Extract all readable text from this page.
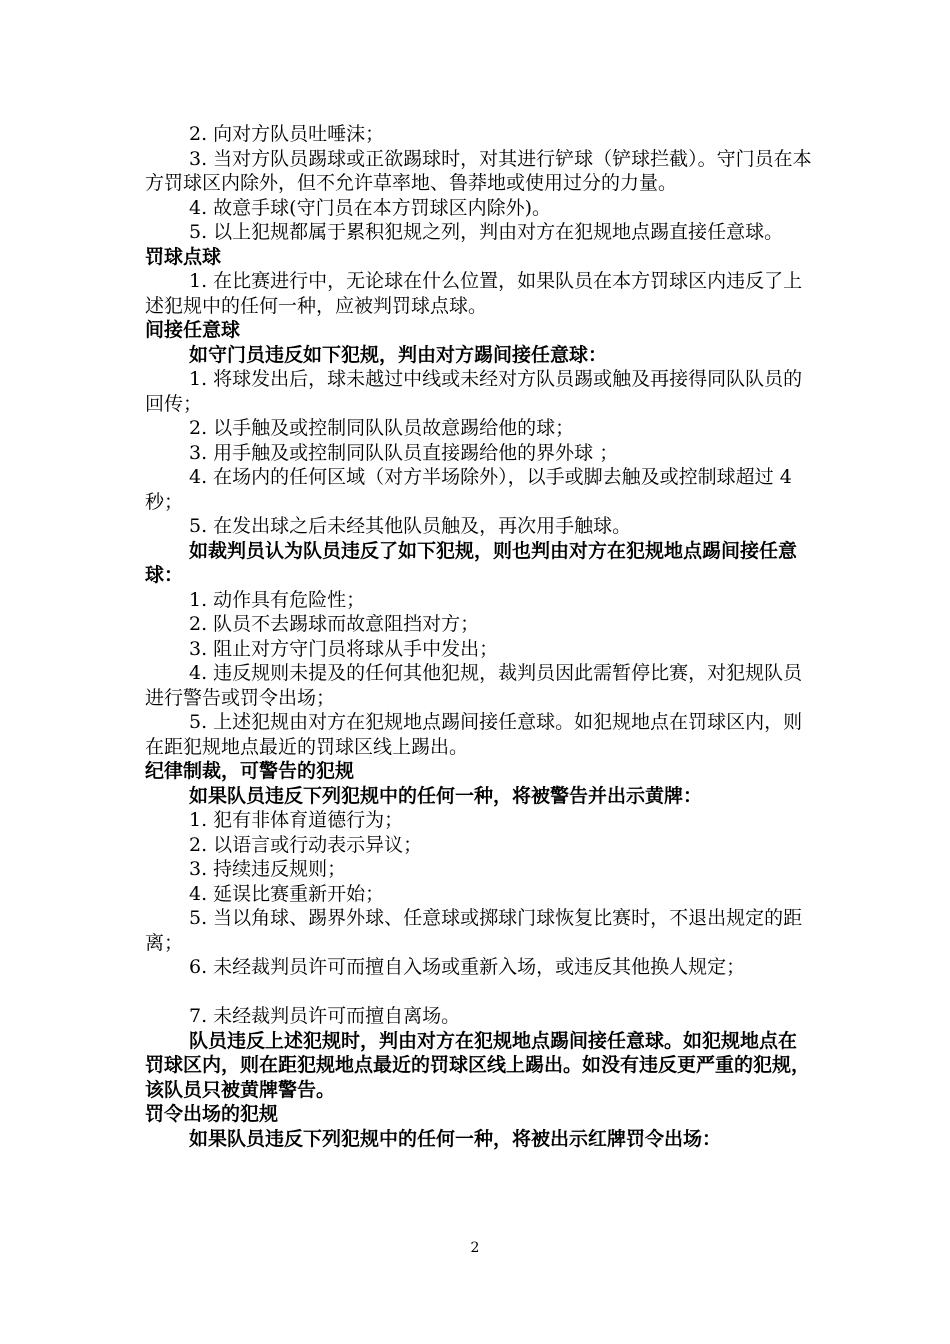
2. 向对方队员吐唾沫；

3. 当对方队员踢球或正欲踢球时，对其进行铲球（铲球拦截）。守门员在本方罚球区内除外，但不允许草率地、鲁莽地或使用过分的力量。

4. 故意手球(守门员在本方罚球区内除外)。

5. 以上犯规都属于累积犯规之列，判由对方在犯规地点踢直接任意球。

罚球点球

1. 在比赛进行中，无论球在什么位置，如果队员在本方罚球区内违反了上述犯规中的任何一种，应被判罚球点球。

间接任意球

如守门员违反如下犯规，判由对方踢间接任意球：

1. 将球发出后，球未越过中线或未经对方队员踢或触及再接得同队队员的回传；

2. 以手触及或控制同队队员故意踢给他的球；

3. 用手触及或控制同队队员直接踢给他的界外球 ；

4. 在场内的任何区域（对方半场除外），以手或脚去触及或控制球超过 4 秒；

5. 在发出球之后未经其他队员触及，再次用手触球。

如裁判员认为队员违反了如下犯规，则也判由对方在犯规地点踢间接任意球：

1. 动作具有危险性；

2. 队员不去踢球而故意阻挡对方；

3. 阻止对方守门员将球从手中发出；

4. 违反规则未提及的任何其他犯规，裁判员因此需暂停比赛，对犯规队员进行警告或罚令出场；

5. 上述犯规由对方在犯规地点踢间接任意球。如犯规地点在罚球区内，则在距犯规地点最近的罚球区线上踢出。

纪律制裁，可警告的犯规

如果队员违反下列犯规中的任何一种，将被警告并出示黄牌：

1. 犯有非体育道德行为；

2. 以语言或行动表示异议；

3. 持续违反规则；

4. 延误比赛重新开始；

5. 当以角球、踢界外球、任意球或掷球门球恢复比赛时，不退出规定的距离；

6. 未经裁判员许可而擅自入场或重新入场，或违反其他换人规定；

7. 未经裁判员许可而擅自离场。

队员违反上述犯规时，判由对方在犯规地点踢间接任意球。如犯规地点在罚球区内，则在距犯规地点最近的罚球区线上踢出。如没有违反更严重的犯规，该队员只被黄牌警告。

罚令出场的犯规

如果队员违反下列犯规中的任何一种，将被出示红牌罚令出场：

2
